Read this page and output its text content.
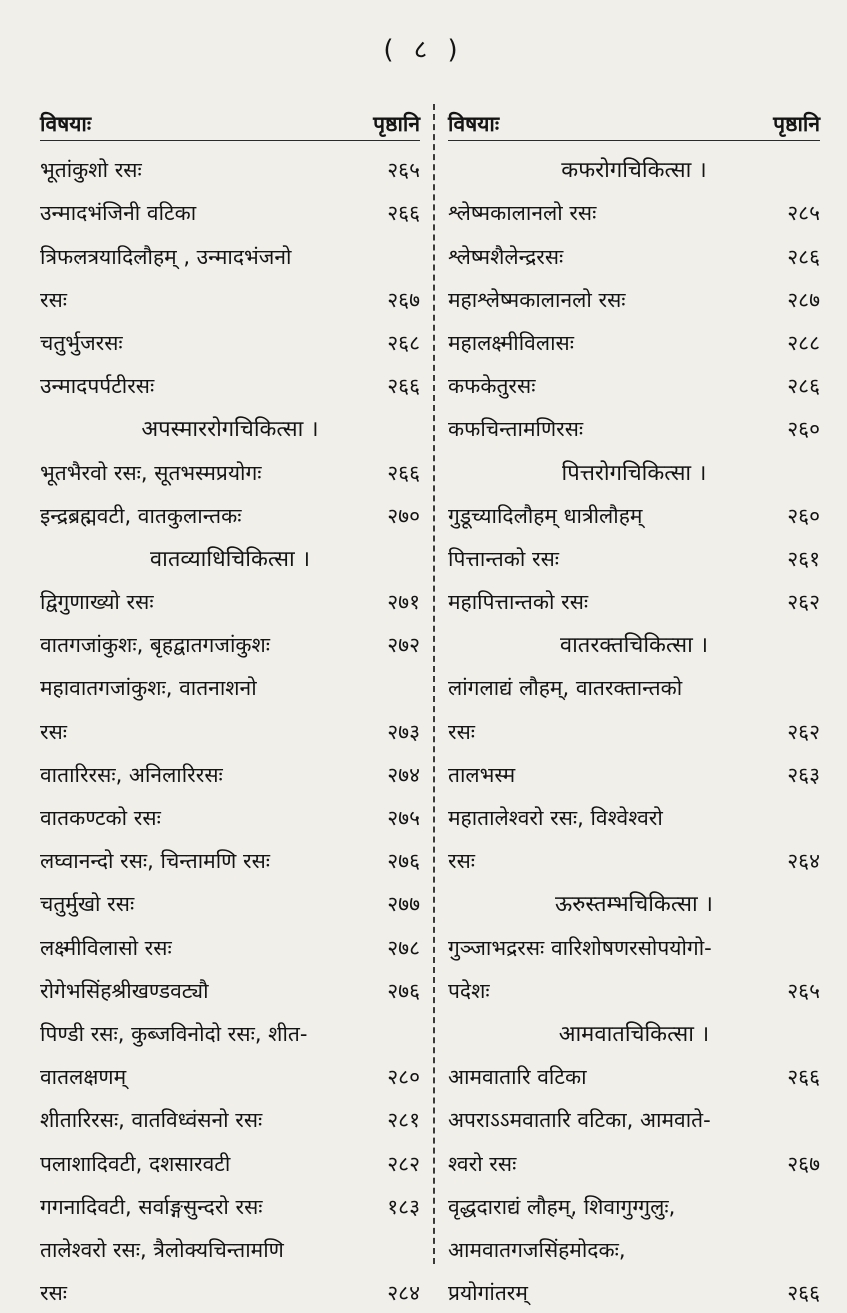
( ८ )
विषयाः	पृष्ठानि
भूतांकुशो रसः	२६५
उन्मादभंजिनी वटिका	२६६
त्रिफलत्रयादिलौहम् , उन्मादभंजनो
रसः	२६७
चतुर्भुजरसः	२६८
उन्मादपर्पटीरसः	२६६
अपस्माररोगचिकित्सा ।
भूतभैरवो रसः, सूतभस्मप्रयोगः	२६६
इन्द्रब्रह्मवटी, वातकुलान्तकः	२७०
वातव्याधिचिकित्सा ।
द्विगुणाख्यो रसः	२७१
वातगजांकुशः, बृहद्वातगजांकुशः	२७२
महावातगजांकुशः, वातनाशनो
रसः	२७३
वातारिरसः, अनिलारिरसः	२७४
वातकण्टको रसः	२७५
लघ्वानन्दो रसः, चिन्तामणि रसः	२७६
चतुर्मुखो रसः	२७७
लक्ष्मीविलासो रसः	२७८
रोगेभसिंहश्रीखण्डवट्यौ	२७६
पिण्डी रसः, कुब्जविनोदो रसः, शीत-
वातलक्षणम्	२८०
शीतारिरसः, वातविध्वंसनो रसः	२८१
पलाशादिवटी, दशसारवटी	२८२
गगनादिवटी, सर्वाङ्गसुन्दरो रसः	१८३
तालेश्वरो रसः, त्रैलोक्यचिन्तामणि
रसः	२८४
विषयाः	पृष्ठानि
कफरोगचिकित्सा ।
श्लेष्मकालानलो रसः	२८५
श्लेष्मशैलेन्द्ररसः	२८६
महाश्लेष्मकालानलो रसः	२८७
महालक्ष्मीविलासः	२८८
कफकेतुरसः	२८६
कफचिन्तामणिरसः	२६०
पित्तरोगचिकित्सा ।
गुडूच्यादिलौहम् धात्रीलौहम्	२६०
पित्तान्तको रसः	२६१
महापित्तान्तको रसः	२६२
वातरक्तचिकित्सा ।
लांगलाद्यं लौहम्, वातरक्तान्तको
रसः	२६२
तालभस्म	२६३
महातालेश्वरो रसः, विश्वेश्वरो
रसः	२६४
ऊरुस्तम्भचिकित्सा ।
गुञ्जाभद्ररसः वारिशोषणरसोपयोगो-
पदेशः	२६५
आमवातचिकित्सा ।
आमवातारि वटिका	२६६
अपराऽऽमवातारि वटिका, आमवाते-
श्वरो रसः	२६७
वृद्धदाराद्यं लौहम्, शिवागुग्गुलुः,
आमवातगजसिंहमोदकः,
प्रयोगांतरम्	२६६
